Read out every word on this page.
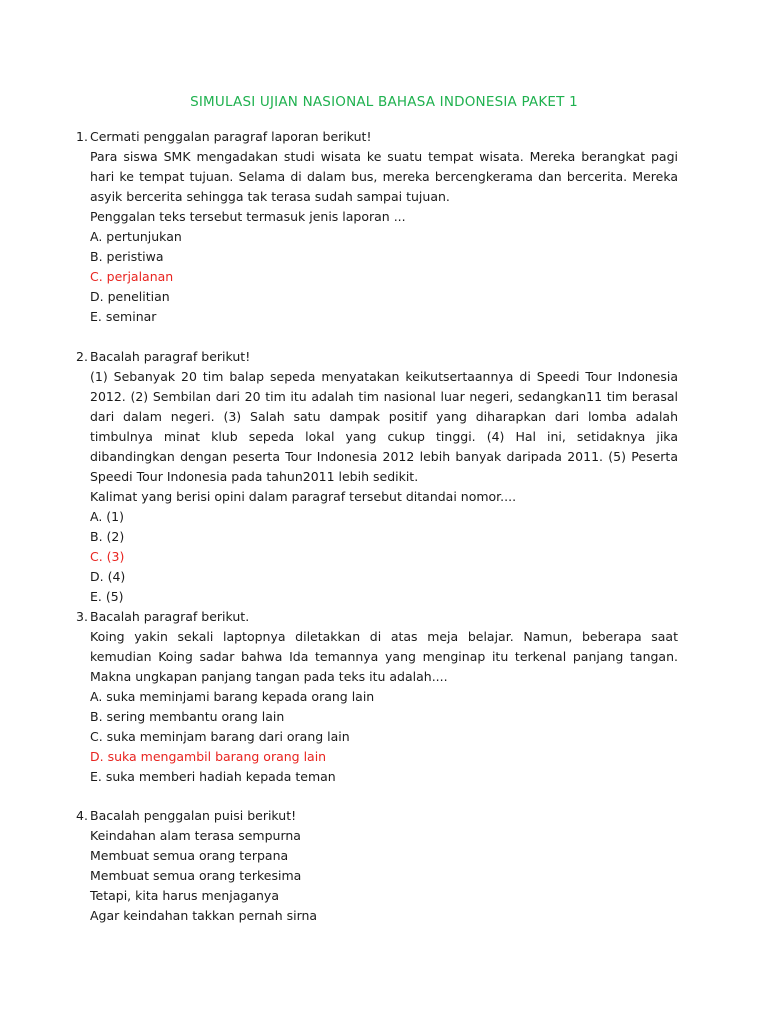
SIMULASI UJIAN NASIONAL BAHASA INDONESIA PAKET 1
1. Cermati penggalan paragraf laporan berikut!
Para siswa SMK mengadakan studi wisata ke suatu tempat wisata. Mereka berangkat pagi hari ke tempat tujuan. Selama di dalam bus, mereka bercengkerama dan bercerita. Mereka asyik bercerita sehingga tak terasa sudah sampai tujuan.
Penggalan teks tersebut termasuk jenis laporan ...
A. pertunjukan
B. peristiwa
C. perjalanan
D. penelitian
E. seminar
2. Bacalah paragraf berikut!
(1) Sebanyak 20 tim balap sepeda menyatakan keikutsertaannya di Speedi Tour Indonesia 2012. (2) Sembilan dari 20 tim itu adalah tim nasional luar negeri, sedangkan11 tim berasal dari dalam negeri. (3) Salah satu dampak positif yang diharapkan dari lomba adalah timbulnya minat klub sepeda lokal yang cukup tinggi. (4) Hal ini, setidaknya jika dibandingkan dengan peserta Tour Indonesia 2012 lebih banyak daripada 2011. (5) Peserta Speedi Tour Indonesia pada tahun2011 lebih sedikit.
Kalimat yang berisi opini dalam paragraf tersebut ditandai nomor....
A. (1)
B. (2)
C. (3)
D. (4)
E. (5)
3. Bacalah paragraf berikut.
Koing yakin sekali laptopnya diletakkan di atas meja belajar. Namun, beberapa saat kemudian Koing sadar bahwa Ida temannya yang menginap itu terkenal panjang tangan. Makna ungkapan panjang tangan pada teks itu adalah....
A. suka meminjami barang kepada orang lain
B. sering membantu orang lain
C. suka meminjam barang dari orang lain
D. suka mengambil barang orang lain
E. suka memberi hadiah kepada teman
4. Bacalah penggalan puisi berikut!
Keindahan alam terasa sempurna
Membuat semua orang terpana
Membuat semua orang terkesima
Tetapi, kita harus menjaganya
Agar keindahan takkan pernah sirna
